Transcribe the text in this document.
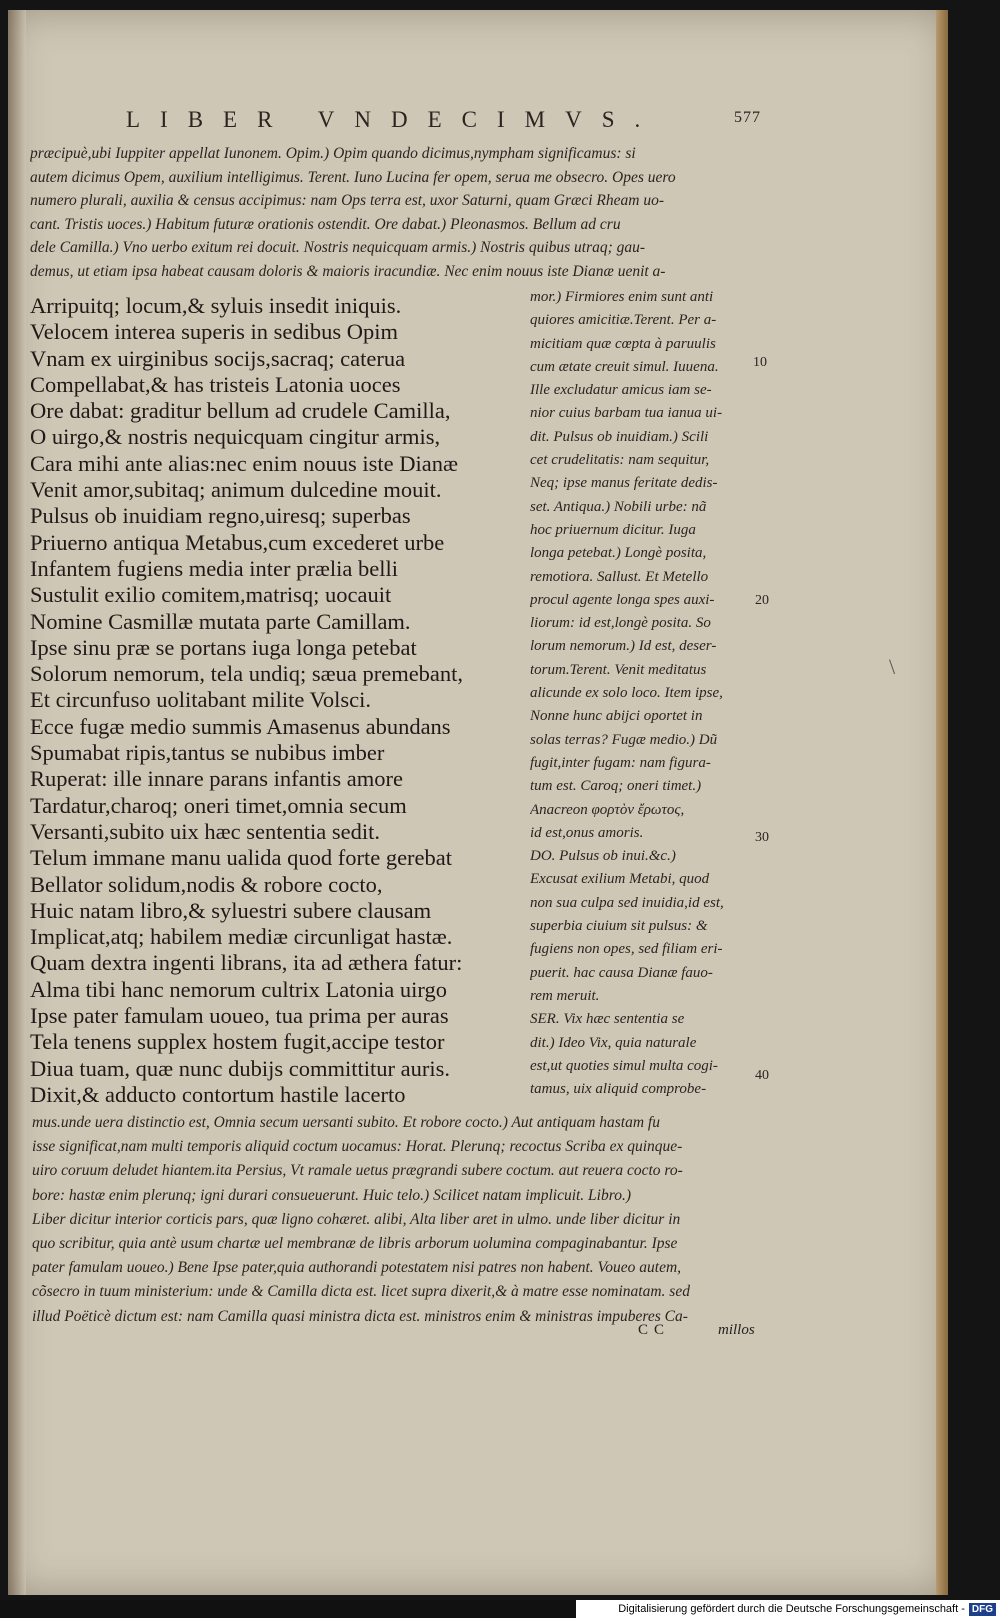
LIBER VNDECIMVS.	577
præcipuè,ubi Iuppiter appellat Iunonem. Opim.) Opim quando dicimus,nympham significamus: si
autem dicimus Opem, auxilium intelligimus. Terent. Iuno Lucina fer opem, serua me obsecro. Opes uero
numero plurali, auxilia & census accipimus: nam Ops terra est, uxor Saturni, quam Græci Rheam uo-
cant. Tristis uoces.) Habitum futuræ orationis ostendit. Ore dabat.) Pleonasmos. Bellum ad cru
dele Camilla.) Vno uerbo exitum rei docuit. Nostris nequicquam armis.) Nostris quibus utraq; gau-
demus, ut etiam ipsa habeat causam doloris & maioris iracundiæ. Nec enim nouus iste Dianæ uenit a-
Arripuitq; locum,& syluis insedit iniquis.
Velocem interea superis in sedibus Opim
Vnam ex uirginibus socijs,sacraq; caterua
Compellabat,& has tristeis Latonia uoces
Ore dabat: graditur bellum ad crudele Camilla,
O uirgo,& nostris nequicquam cingitur armis,
Cara mihi ante alias:nec enim nouus iste Dianæ
Venit amor,subitaq; animum dulcedine mouit.
Pulsus ob inuidiam regno,uiresq; superbas
Priuerno antiqua Metabus,cum excederet urbe
Infantem fugiens media inter prælia belli
Sustulit exilio comitem,matrisq; uocauit
Nomine Casmillæ mutata parte Camillam.
Ipse sinu præ se portans iuga longa petebat
Solorum nemorum, tela undiq; sæua premebant,
Et circunfuso uolitabant milite Volsci.
Ecce fugæ medio summis Amasenus abundans
Spumabat ripis,tantus se nubibus imber
Ruperat: ille innare parans infantis amore
Tardatur,charoq; oneri timet,omnia secum
Versanti,subito uix hæc sententia sedit.
Telum immane manu ualida quod forte gerebat
Bellator solidum,nodis & robore cocto,
Huic natam libro,& syluestri subere clausam
Implicat,atq; habilem mediæ circunligat hastæ.
Quam dextra ingenti librans, ita ad æthera fatur:
Alma tibi hanc nemorum cultrix Latonia uirgo
Ipse pater famulam uoueo, tua prima per auras
Tela tenens supplex hostem fugit,accipe testor
Diua tuam, quæ nunc dubijs committitur auris.
Dixit,& adducto contortum hastile lacerto
mor.) Firmiores enim sunt anti
quiores amicitiæ.Terent. Per a-
micitiam quæ cœpta à paruulis
cum ætate creuit simul. Iuuena.
Ille excludatur amicus iam se-
nior cuius barbam tua ianua ui-
dit. Pulsus ob inuidiam.) Scili
cet crudelitatis: nam sequitur,
Neq; ipse manus feritate dedis-
set. Antiqua.) Nobili urbe: nã
hoc priuernum dicitur. Iuga
longa petebat.) Longè posita,
remotiora. Sallust. Et Metello
procul agente longa spes auxi-
liorum: id est,longè posita. So
lorum nemorum.) Id est, deser-
torum.Terent. Venit meditatus
alicunde ex solo loco. Item ipse,
Nonne hunc abijci oportet in
solas terras? Fugæ medio.) Dũ
fugit,inter fugam: nam figura-
tum est. Caroq; oneri timet.)
Anacreon φορτὸν ἔρωτος,
id est,onus amoris.
DO. Pulsus ob inui.&c.)
Excusat exilium Metabi, quod
non sua culpa sed inuidia,id est,
superbia ciuium sit pulsus: &
fugiens non opes, sed filiam eri-
puerit. hac causa Dianæ fauo-
rem meruit.
SER. Vix hæc sententia se
dit.) Ideo Vix, quia naturale
est,ut quoties simul multa cogi-
tamus, uix aliquid comprobe-
10
20
30
40
\
mus.unde uera distinctio est, Omnia secum uersanti subito. Et robore cocto.) Aut antiquam hastam fu
isse significat,nam multi temporis aliquid coctum uocamus: Horat. Plerunq; recoctus Scriba ex quinque-
uiro coruum deludet hiantem.ita Persius, Vt ramale uetus prægrandi subere coctum. aut reuera cocto ro-
bore: hastæ enim plerunq; igni durari consueuerunt. Huic telo.) Scilicet natam implicuit. Libro.)
Liber dicitur interior corticis pars, quæ ligno cohæret. alibi, Alta liber aret in ulmo. unde liber dicitur in
quo scribitur, quia antè usum chartæ uel membranæ de libris arborum uolumina compaginabantur. Ipse
pater famulam uoueo.) Bene Ipse pater,quia authorandi potestatem nisi patres non habent. Voueo autem,
cõsecro in tuum ministerium: unde & Camilla dicta est. licet supra dixerit,& à matre esse nominatam. sed
illud Poëticè dictum est: nam Camilla quasi ministra dicta est. ministros enim & ministras impuberes Ca-
CC	millos
Digitalisierung gefördert durch die Deutsche Forschungsgemeinschaft - DFG
